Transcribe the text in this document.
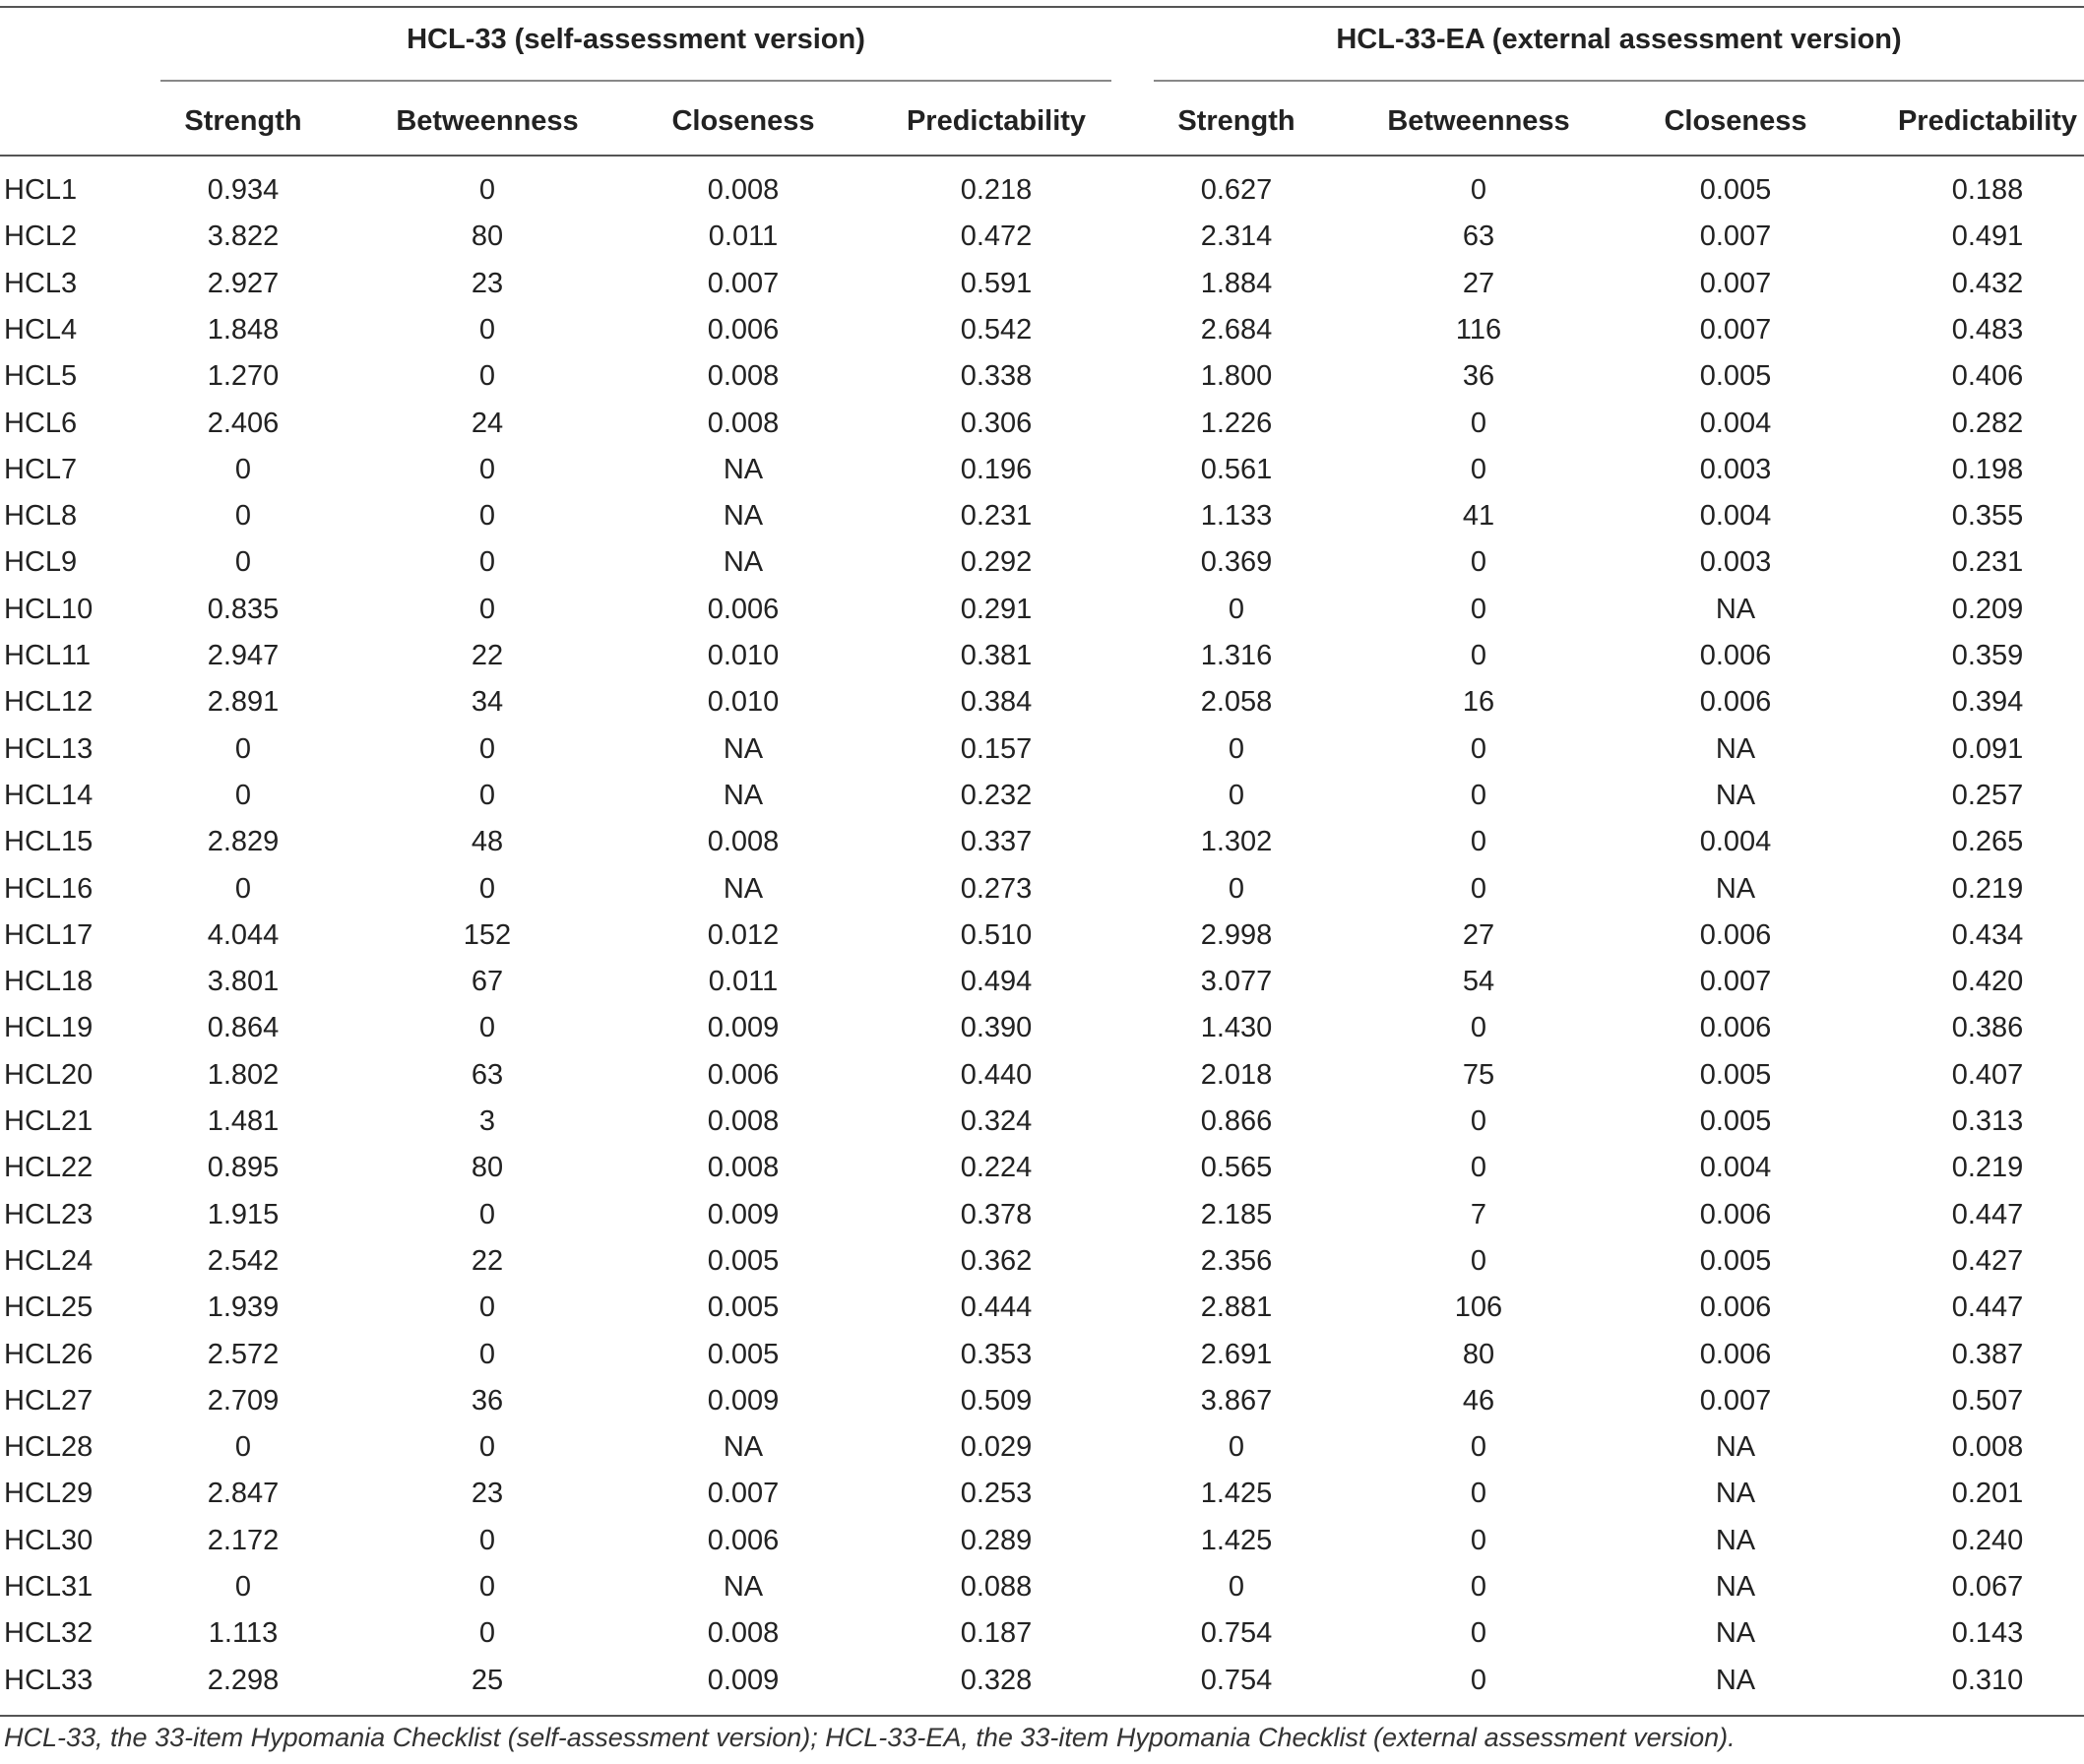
HCL-33 (self-assessment version)	HCL-33-EA (external assessment version)
Strength	Betweenness	Closeness	Predictability	Strength	Betweenness	Closeness	Predictability
HCL1	0.934	0	0.008	0.218	0.627	0	0.005	0.188
HCL2	3.822	80	0.011	0.472	2.314	63	0.007	0.491
HCL3	2.927	23	0.007	0.591	1.884	27	0.007	0.432
HCL4	1.848	0	0.006	0.542	2.684	116	0.007	0.483
HCL5	1.270	0	0.008	0.338	1.800	36	0.005	0.406
HCL6	2.406	24	0.008	0.306	1.226	0	0.004	0.282
HCL7	0	0	NA	0.196	0.561	0	0.003	0.198
HCL8	0	0	NA	0.231	1.133	41	0.004	0.355
HCL9	0	0	NA	0.292	0.369	0	0.003	0.231
HCL10	0.835	0	0.006	0.291	0	0	NA	0.209
HCL11	2.947	22	0.010	0.381	1.316	0	0.006	0.359
HCL12	2.891	34	0.010	0.384	2.058	16	0.006	0.394
HCL13	0	0	NA	0.157	0	0	NA	0.091
HCL14	0	0	NA	0.232	0	0	NA	0.257
HCL15	2.829	48	0.008	0.337	1.302	0	0.004	0.265
HCL16	0	0	NA	0.273	0	0	NA	0.219
HCL17	4.044	152	0.012	0.510	2.998	27	0.006	0.434
HCL18	3.801	67	0.011	0.494	3.077	54	0.007	0.420
HCL19	0.864	0	0.009	0.390	1.430	0	0.006	0.386
HCL20	1.802	63	0.006	0.440	2.018	75	0.005	0.407
HCL21	1.481	3	0.008	0.324	0.866	0	0.005	0.313
HCL22	0.895	80	0.008	0.224	0.565	0	0.004	0.219
HCL23	1.915	0	0.009	0.378	2.185	7	0.006	0.447
HCL24	2.542	22	0.005	0.362	2.356	0	0.005	0.427
HCL25	1.939	0	0.005	0.444	2.881	106	0.006	0.447
HCL26	2.572	0	0.005	0.353	2.691	80	0.006	0.387
HCL27	2.709	36	0.009	0.509	3.867	46	0.007	0.507
HCL28	0	0	NA	0.029	0	0	NA	0.008
HCL29	2.847	23	0.007	0.253	1.425	0	NA	0.201
HCL30	2.172	0	0.006	0.289	1.425	0	NA	0.240
HCL31	0	0	NA	0.088	0	0	NA	0.067
HCL32	1.113	0	0.008	0.187	0.754	0	NA	0.143
HCL33	2.298	25	0.009	0.328	0.754	0	NA	0.310
HCL-33, the 33-item Hypomania Checklist (self-assessment version); HCL-33-EA, the 33-item Hypomania Checklist (external assessment version).
